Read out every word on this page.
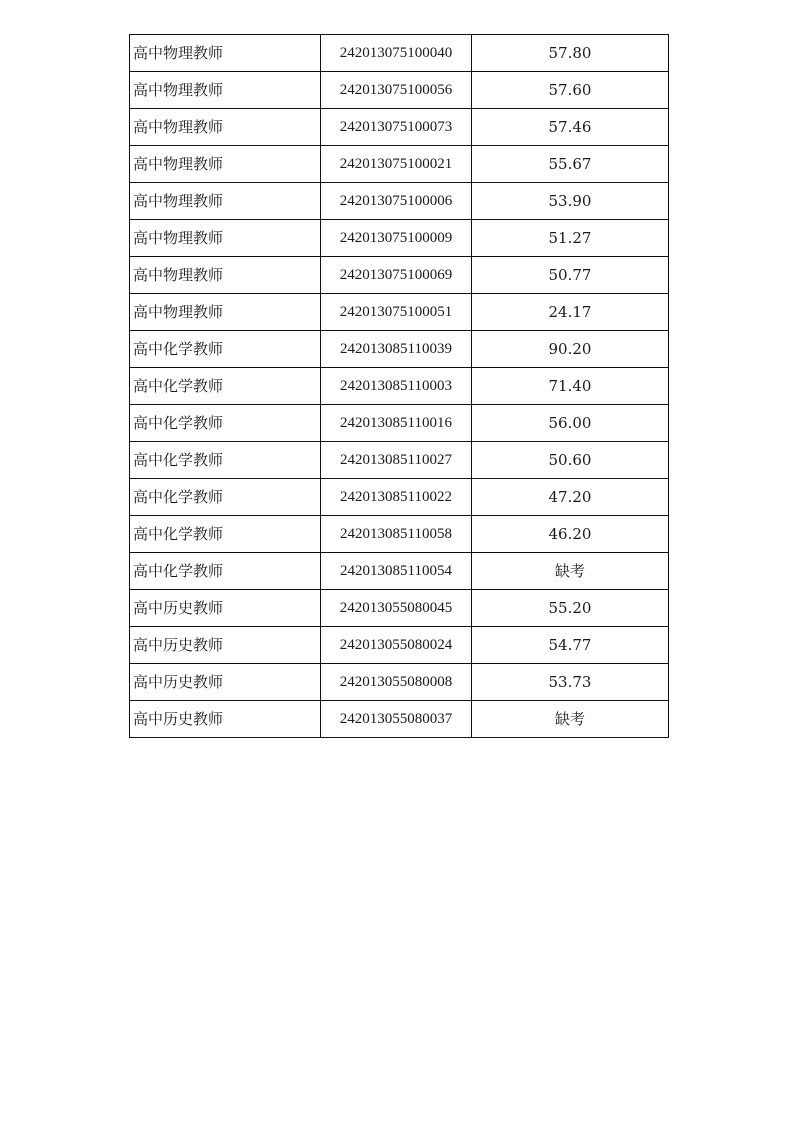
高中物理教师	242013075100040	57.80
高中物理教师	242013075100056	57.60
高中物理教师	242013075100073	57.46
高中物理教师	242013075100021	55.67
高中物理教师	242013075100006	53.90
高中物理教师	242013075100009	51.27
高中物理教师	242013075100069	50.77
高中物理教师	242013075100051	24.17
高中化学教师	242013085110039	90.20
高中化学教师	242013085110003	71.40
高中化学教师	242013085110016	56.00
高中化学教师	242013085110027	50.60
高中化学教师	242013085110022	47.20
高中化学教师	242013085110058	46.20
高中化学教师	242013085110054	缺考
高中历史教师	242013055080045	55.20
高中历史教师	242013055080024	54.77
高中历史教师	242013055080008	53.73
高中历史教师	242013055080037	缺考
